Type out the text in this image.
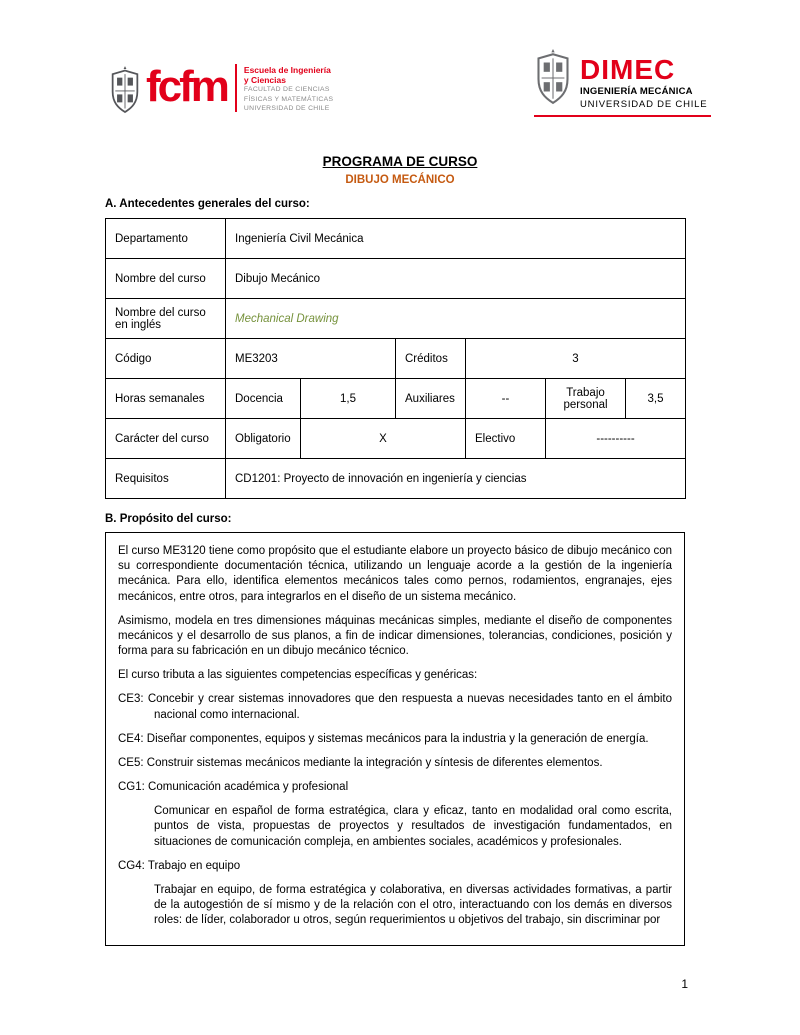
fcfm Escuela de Ingeniería
y Ciencias
FACULTAD DE CIENCIAS
FÍSICAS Y MATEMÁTICAS
UNIVERSIDAD DE CHILE
DIMEC
INGENIERÍA MECÁNICA
UNIVERSIDAD DE CHILE
PROGRAMA DE CURSO
DIBUJO MECÁNICO
A. Antecedentes generales del curso:
Departamento	Ingeniería Civil Mecánica					
Nombre del curso	Dibujo Mecánico					
Nombre del curso en inglés	Mechanical Drawing					
Código	ME3203		Créditos	3		
Horas semanales	Docencia	1,5	Auxiliares	--	Trabajo personal	3,5
Carácter del curso	Obligatorio	X		Electivo	----------	
Requisitos	CD1201: Proyecto de innovación en ingeniería y ciencias					
B. Propósito del curso:

El curso ME3120 tiene como propósito que el estudiante elabore un proyecto básico de dibujo mecánico con su correspondiente documentación técnica, utilizando un lenguaje acorde a la gestión de la ingeniería mecánica. Para ello, identifica elementos mecánicos tales como pernos, rodamientos, engranajes, ejes mecánicos, entre otros, para integrarlos en el diseño de un sistema mecánico.

Asimismo, modela en tres dimensiones máquinas mecánicas simples, mediante el diseño de componentes mecánicos y el desarrollo de sus planos, a fin de indicar dimensiones, tolerancias, condiciones, posición y forma para su fabricación en un dibujo mecánico técnico.

El curso tributa a las siguientes competencias específicas y genéricas:

CE3: Concebir y crear sistemas innovadores que den respuesta a nuevas necesidades tanto en el ámbito nacional como internacional.

CE4: Diseñar componentes, equipos y sistemas mecánicos para la industria y la generación de energía.

CE5: Construir sistemas mecánicos mediante la integración y síntesis de diferentes elementos.

CG1: Comunicación académica y profesional

Comunicar en español de forma estratégica, clara y eficaz, tanto en modalidad oral como escrita, puntos de vista, propuestas de proyectos y resultados de investigación fundamentados, en situaciones de comunicación compleja, en ambientes sociales, académicos y profesionales.

CG4: Trabajo en equipo

Trabajar en equipo, de forma estratégica y colaborativa, en diversas actividades formativas, a partir de la autogestión de sí mismo y de la relación con el otro, interactuando con los demás en diversos roles: de líder, colaborador u otros, según requerimientos u objetivos del trabajo, sin discriminar por

1
